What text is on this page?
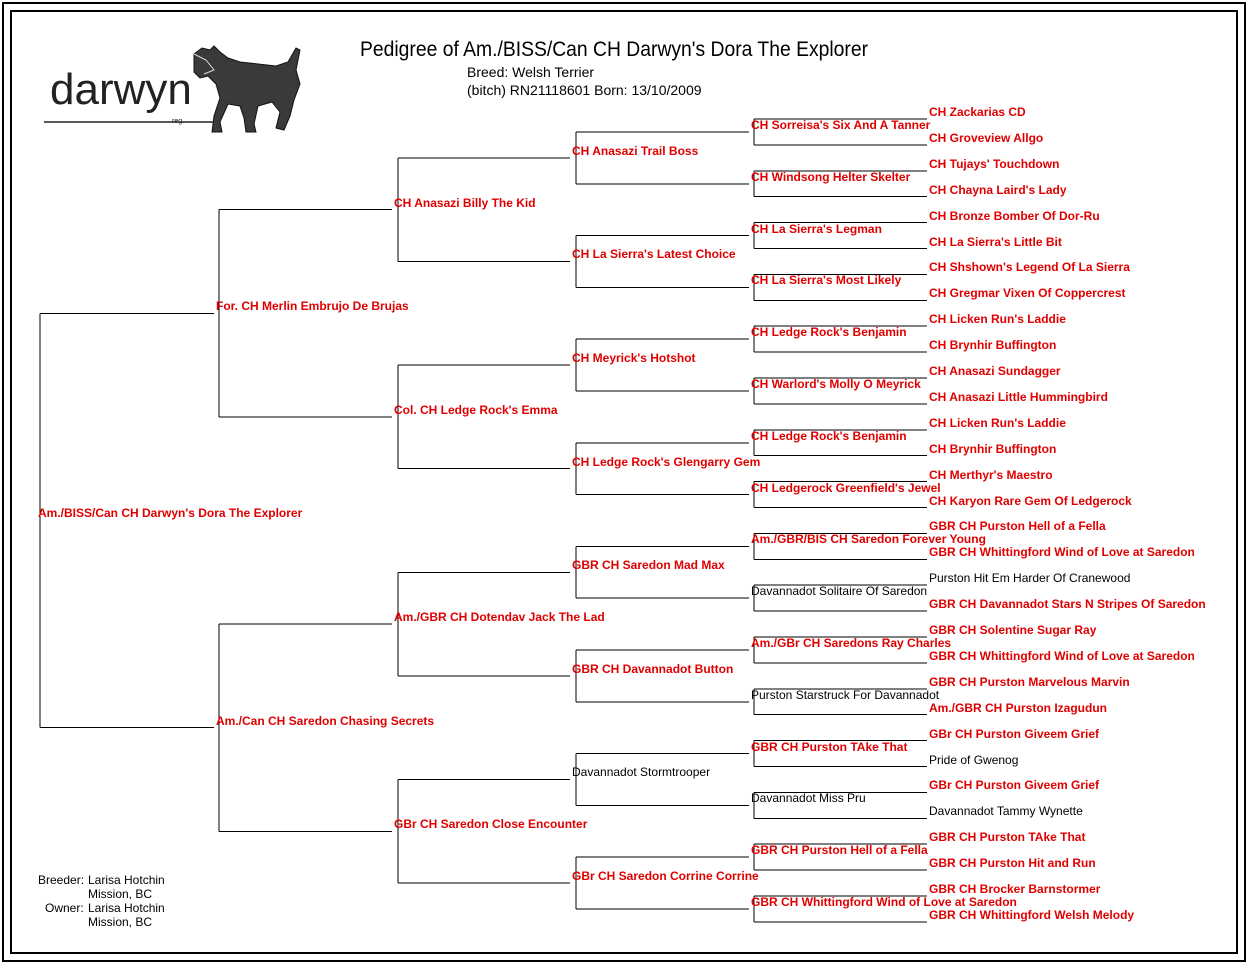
darwyn
reg.
Pedigree of Am./BISS/Can CH Darwyn's Dora The Explorer
Breed: Welsh Terrier
(bitch) RN21118601 Born: 13/10/2009
Am./BISS/Can CH Darwyn's Dora The Explorer
For. CH Merlin Embrujo De Brujas
Am./Can CH Saredon Chasing Secrets
CH Anasazi Billy The Kid
Col. CH Ledge Rock's Emma
Am./GBR CH Dotendav Jack The Lad
GBr CH Saredon Close Encounter
CH Anasazi Trail Boss
CH La Sierra's Latest Choice
CH Meyrick's Hotshot
CH Ledge Rock's Glengarry Gem
GBR CH Saredon Mad Max
GBR CH Davannadot Button
Davannadot Stormtrooper
GBr CH Saredon Corrine Corrine
CH Sorreisa's Six And A Tanner
CH Windsong Helter Skelter
CH La Sierra's Legman
CH La Sierra's Most Likely
CH Ledge Rock's Benjamin
CH Warlord's Molly O Meyrick
CH Ledge Rock's Benjamin
CH Ledgerock Greenfield's Jewel
Am./GBR/BIS CH Saredon Forever Young
Davannadot Solitaire Of Saredon
Am./GBr CH Saredons Ray Charles
Purston Starstruck For Davannadot
GBR CH Purston TAke That
Davannadot Miss Pru
GBR CH Purston Hell of a Fella
GBR CH Whittingford Wind of Love at Saredon
CH Zackarias CD
CH Groveview Allgo
CH Tujays' Touchdown
CH Chayna Laird's Lady
CH Bronze Bomber Of Dor-Ru
CH La Sierra's Little Bit
CH Shshown's Legend Of La Sierra
CH Gregmar Vixen Of Coppercrest
CH Licken Run's Laddie
CH Brynhir Buffington
CH Anasazi Sundagger
CH Anasazi Little Hummingbird
CH Licken Run's Laddie
CH Brynhir Buffington
CH Merthyr's Maestro
CH Karyon Rare Gem Of Ledgerock
GBR CH Purston Hell of a Fella
GBR CH Whittingford Wind of Love at Saredon
Purston Hit Em Harder Of Cranewood
GBR CH Davannadot Stars N Stripes Of Saredon
GBR CH Solentine Sugar Ray
GBR CH Whittingford Wind of Love at Saredon
GBR CH Purston Marvelous Marvin
Am./GBR CH Purston Izagudun
GBr CH Purston Giveem Grief
Pride of Gwenog
GBr CH Purston Giveem Grief
Davannadot Tammy Wynette
GBR CH Purston TAke That
GBR CH Purston Hit and Run
GBR CH Brocker Barnstormer
GBR CH Whittingford Welsh Melody
Breeder: Larisa Hotchin
Mission, BC
Owner: Larisa Hotchin
Mission, BC
